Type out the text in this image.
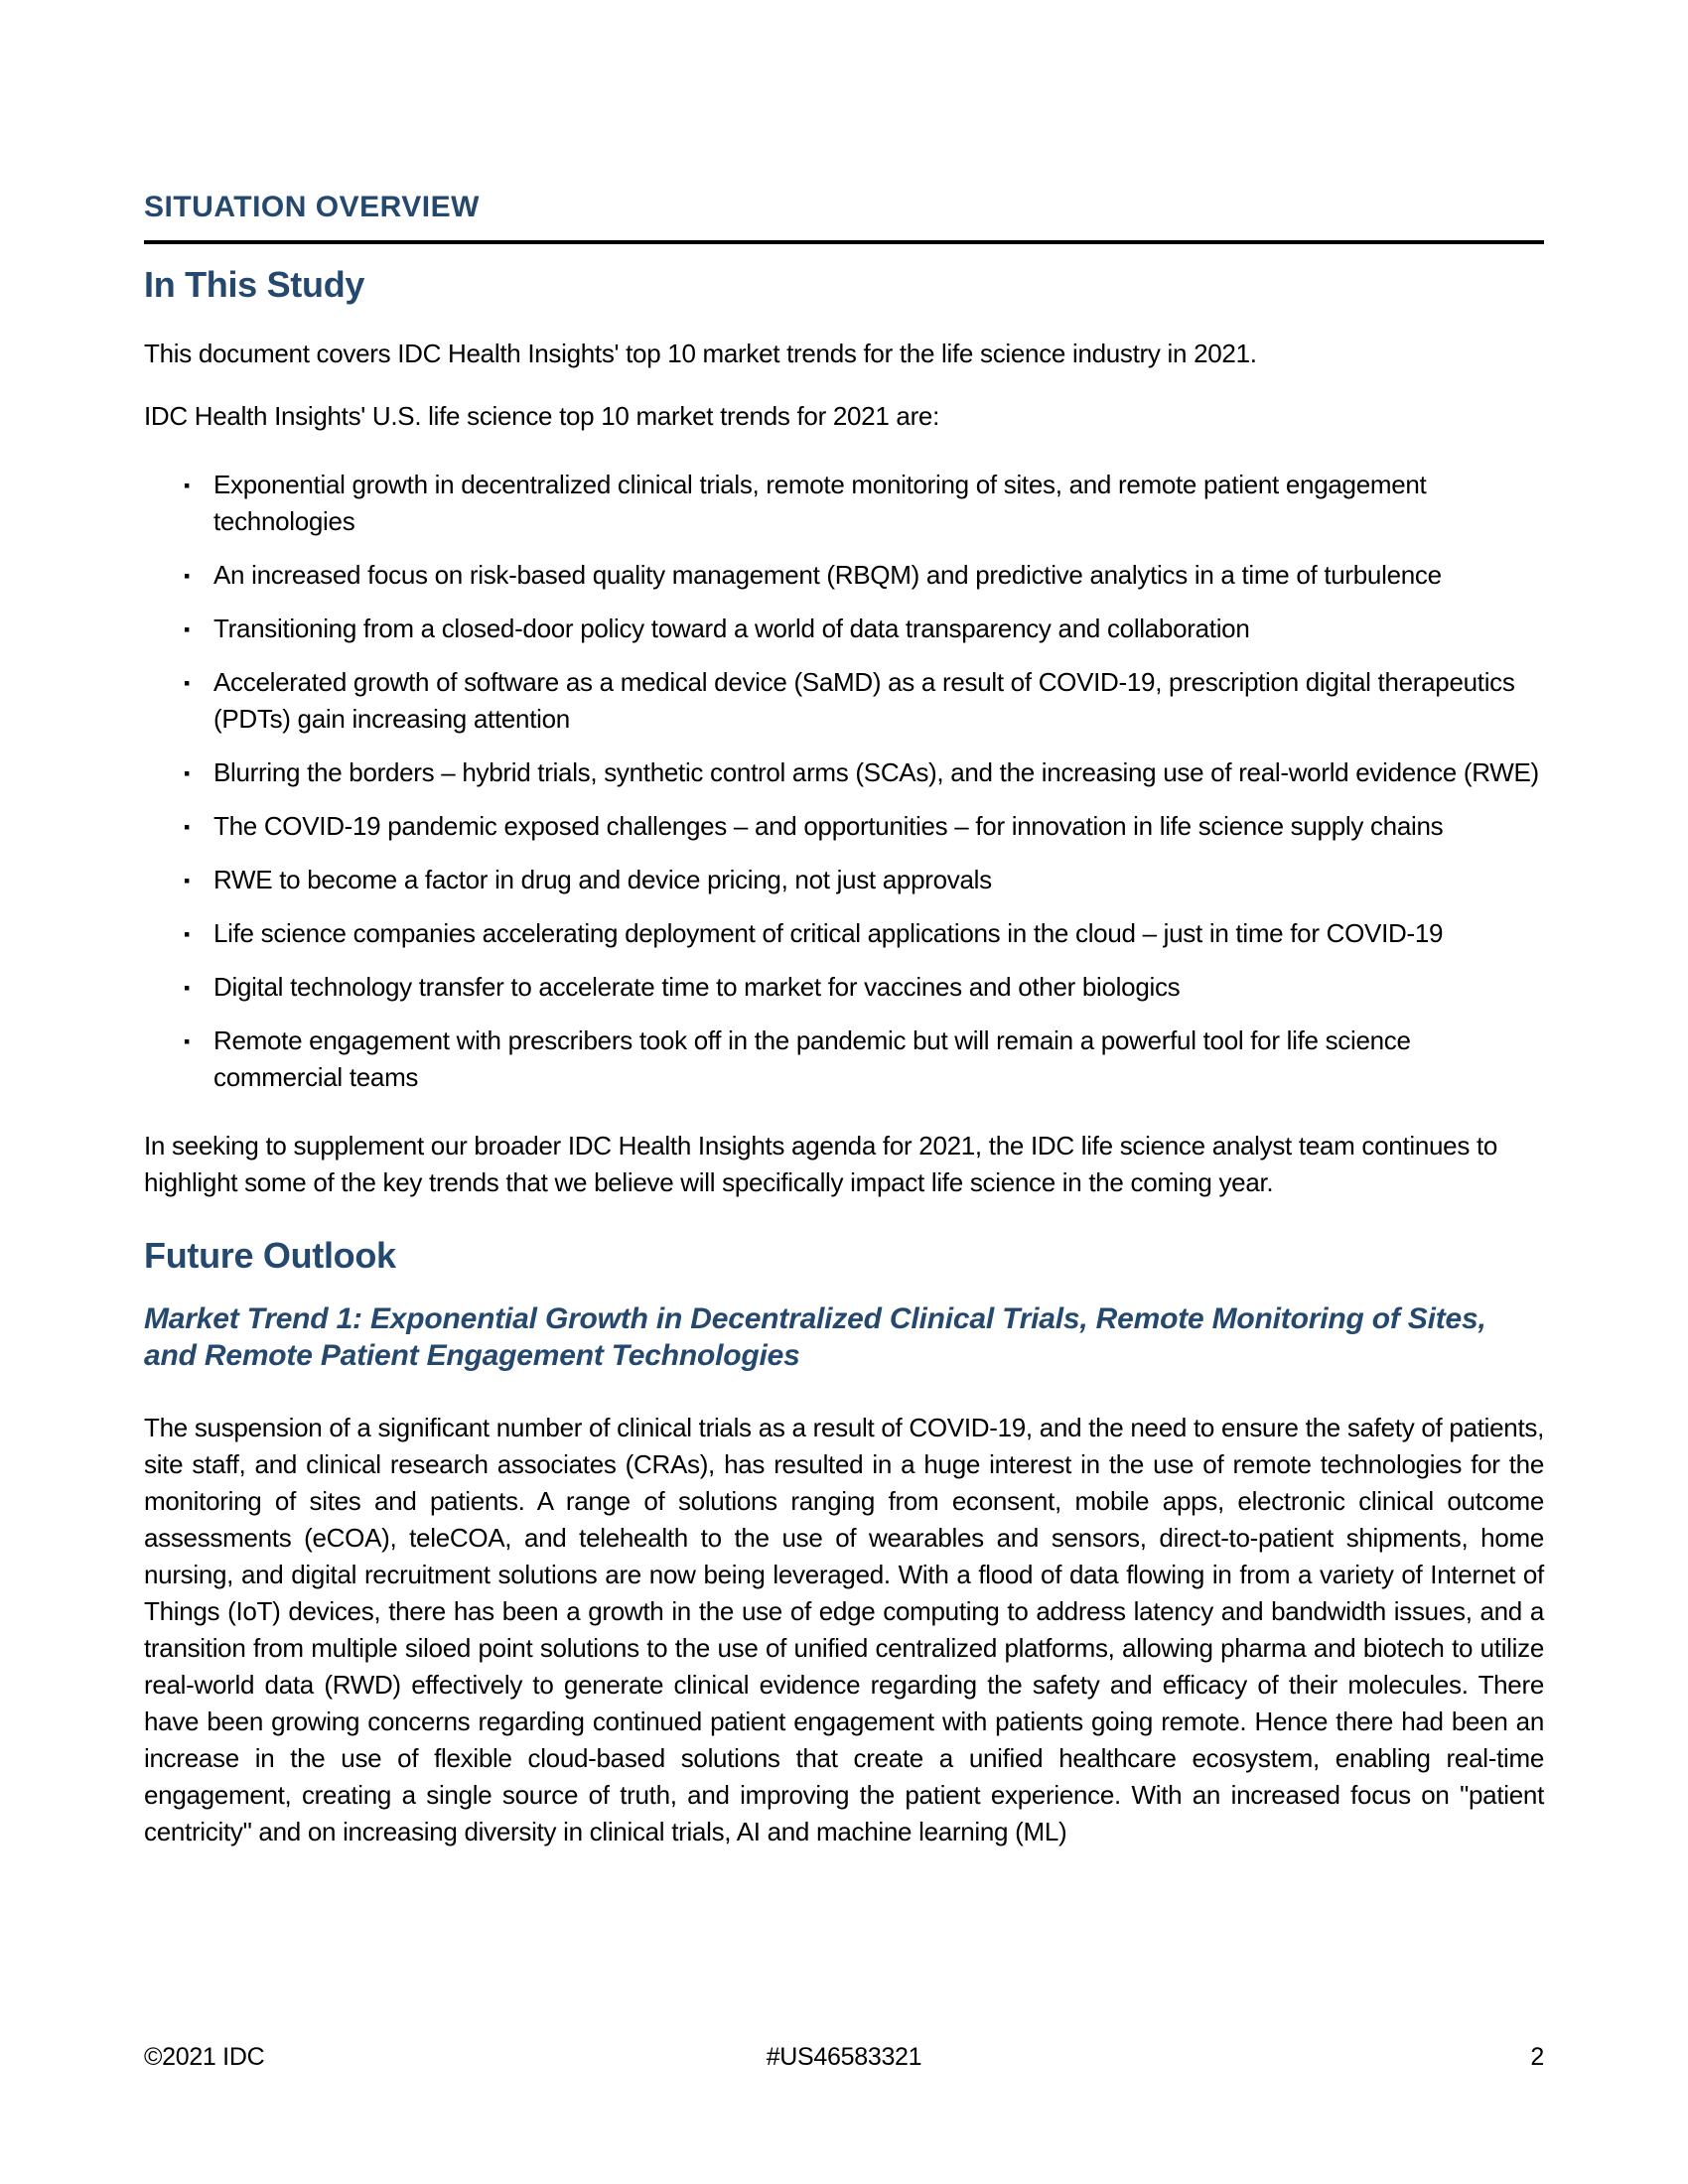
SITUATION OVERVIEW
In This Study

This document covers IDC Health Insights' top 10 market trends for the life science industry in 2021.

IDC Health Insights' U.S. life science top 10 market trends for 2021 are:

▪ Exponential growth in decentralized clinical trials, remote monitoring of sites, and remote patient engagement technologies
▪ An increased focus on risk-based quality management (RBQM) and predictive analytics in a time of turbulence
▪ Transitioning from a closed-door policy toward a world of data transparency and collaboration
▪ Accelerated growth of software as a medical device (SaMD) as a result of COVID-19, prescription digital therapeutics (PDTs) gain increasing attention
▪ Blurring the borders – hybrid trials, synthetic control arms (SCAs), and the increasing use of real-world evidence (RWE)
▪ The COVID-19 pandemic exposed challenges – and opportunities – for innovation in life science supply chains
▪ RWE to become a factor in drug and device pricing, not just approvals
▪ Life science companies accelerating deployment of critical applications in the cloud – just in time for COVID-19
▪ Digital technology transfer to accelerate time to market for vaccines and other biologics
▪ Remote engagement with prescribers took off in the pandemic but will remain a powerful tool for life science commercial teams

In seeking to supplement our broader IDC Health Insights agenda for 2021, the IDC life science analyst team continues to highlight some of the key trends that we believe will specifically impact life science in the coming year.

Future Outlook
Market Trend 1: Exponential Growth in Decentralized Clinical Trials, Remote Monitoring of Sites, and Remote Patient Engagement Technologies

The suspension of a significant number of clinical trials as a result of COVID-19, and the need to ensure the safety of patients, site staff, and clinical research associates (CRAs), has resulted in a huge interest in the use of remote technologies for the monitoring of sites and patients. A range of solutions ranging from econsent, mobile apps, electronic clinical outcome assessments (eCOA), teleCOA, and telehealth to the use of wearables and sensors, direct-to-patient shipments, home nursing, and digital recruitment solutions are now being leveraged. With a flood of data flowing in from a variety of Internet of Things (IoT) devices, there has been a growth in the use of edge computing to address latency and bandwidth issues, and a transition from multiple siloed point solutions to the use of unified centralized platforms, allowing pharma and biotech to utilize real-world data (RWD) effectively to generate clinical evidence regarding the safety and efficacy of their molecules. There have been growing concerns regarding continued patient engagement with patients going remote. Hence there had been an increase in the use of flexible cloud-based solutions that create a unified healthcare ecosystem, enabling real-time engagement, creating a single source of truth, and improving the patient experience. With an increased focus on "patient centricity" and on increasing diversity in clinical trials, AI and machine learning (ML)

©2021 IDC	#US46583321	2
